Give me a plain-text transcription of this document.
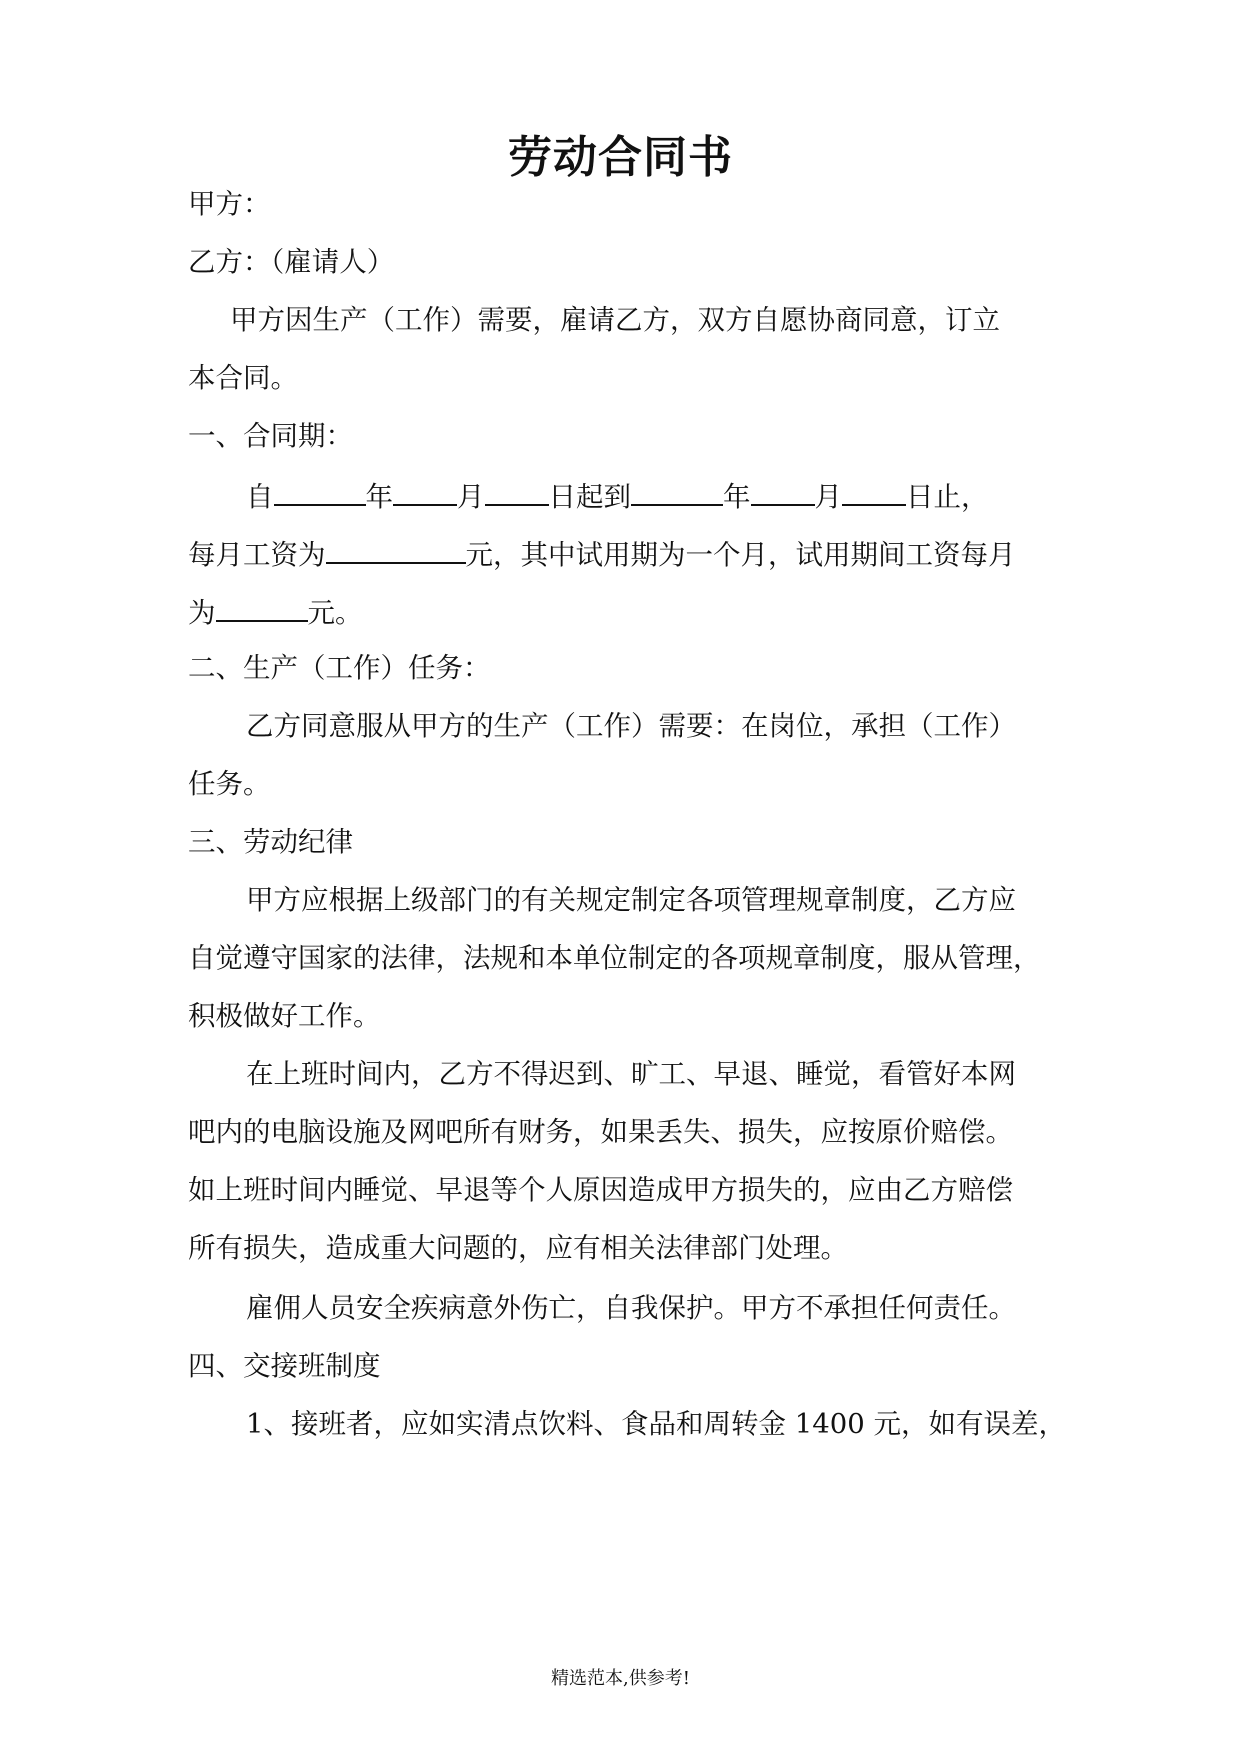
劳动合同书
甲方：
乙方：（雇请人）
甲方因生产（工作）需要，雇请乙方，双方自愿协商同意，订立
本合同。
一、合同期：
自	年 月 日起到	年 月 日止，
每月工资为	元，其中试用期为一个月，试用期间工资每月
为	元。
二、生产（工作）任务：
乙方同意服从甲方的生产（工作）需要：在岗位，承担（工作）
任务。
三、劳动纪律
甲方应根据上级部门的有关规定制定各项管理规章制度，乙方应
自觉遵守国家的法律，法规和本单位制定的各项规章制度，服从管理，
积极做好工作。
在上班时间内，乙方不得迟到、旷工、早退、睡觉，看管好本网
吧内的电脑设施及网吧所有财务，如果丢失、损失，应按原价赔偿。
如上班时间内睡觉、早退等个人原因造成甲方损失的，应由乙方赔偿
所有损失，造成重大问题的，应有相关法律部门处理。
雇佣人员安全疾病意外伤亡，自我保护。甲方不承担任何责任。
四、交接班制度
1、接班者，应如实清点饮料、食品和周转金 1400 元，如有误差，
精选范本,供参考!
